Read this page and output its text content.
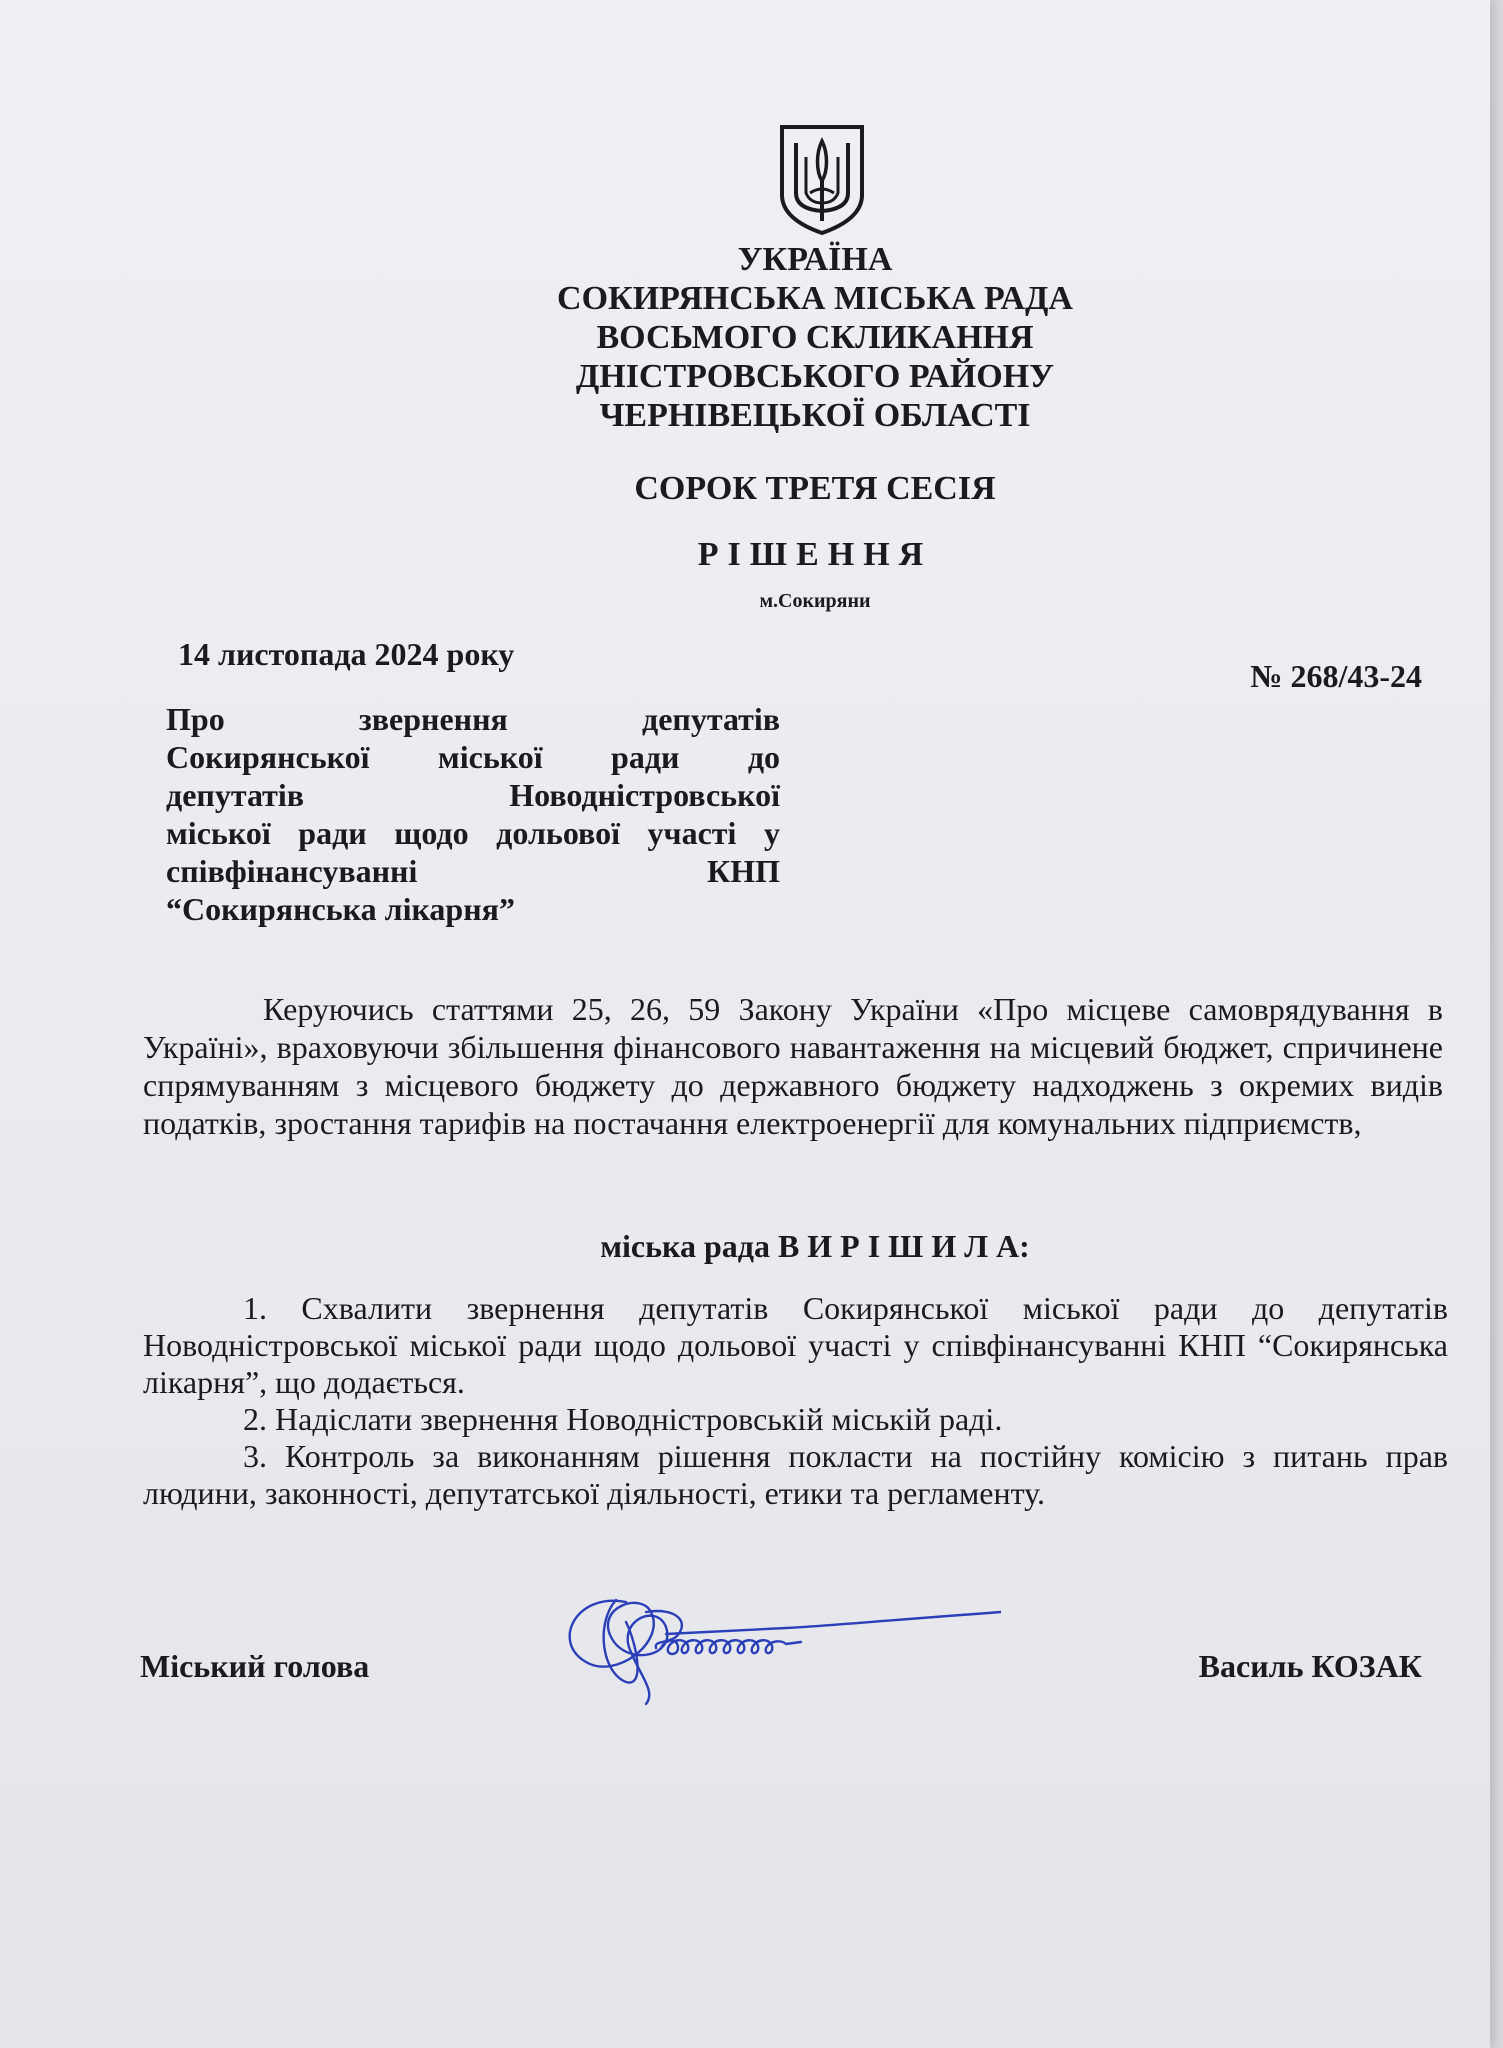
УКРАЇНА
СОКИРЯНСЬКА МІСЬКА РАДА
ВОСЬМОГО СКЛИКАННЯ
ДНІСТРОВСЬКОГО РАЙОНУ
ЧЕРНІВЕЦЬКОЇ ОБЛАСТІ
СОРОК ТРЕТЯ СЕСІЯ
РІШЕННЯ
м.Сокиряни
14 листопада 2024 року
№ 268/43-24
Про звернення депутатів
Сокирянської міської ради до
депутатів Новодністровської
міської ради щодо дольової участі у
співфінансуванні КНП
“Сокирянська лікарня”
Керуючись статтями 25, 26, 59 Закону України «Про місцеве самоврядування в Україні», враховуючи збільшення фінансового навантаження на місцевий бюджет, спричинене спрямуванням з місцевого бюджету до державного бюджету надходжень з окремих видів податків, зростання тарифів на постачання електроенергії для комунальних підприємств,
міська рада В И Р І Ш И Л А:

1. Схвалити звернення депутатів Сокирянської міської ради до депутатів Новодністровської міської ради щодо дольової участі у співфінансуванні КНП “Сокирянська лікарня”, що додається.

2. Надіслати звернення Новодністровській міській раді.

3. Контроль за виконанням рішення покласти на постійну комісію з питань прав людини, законності, депутатської діяльності, етики та регламенту.

Міський голова	Василь КОЗАК
